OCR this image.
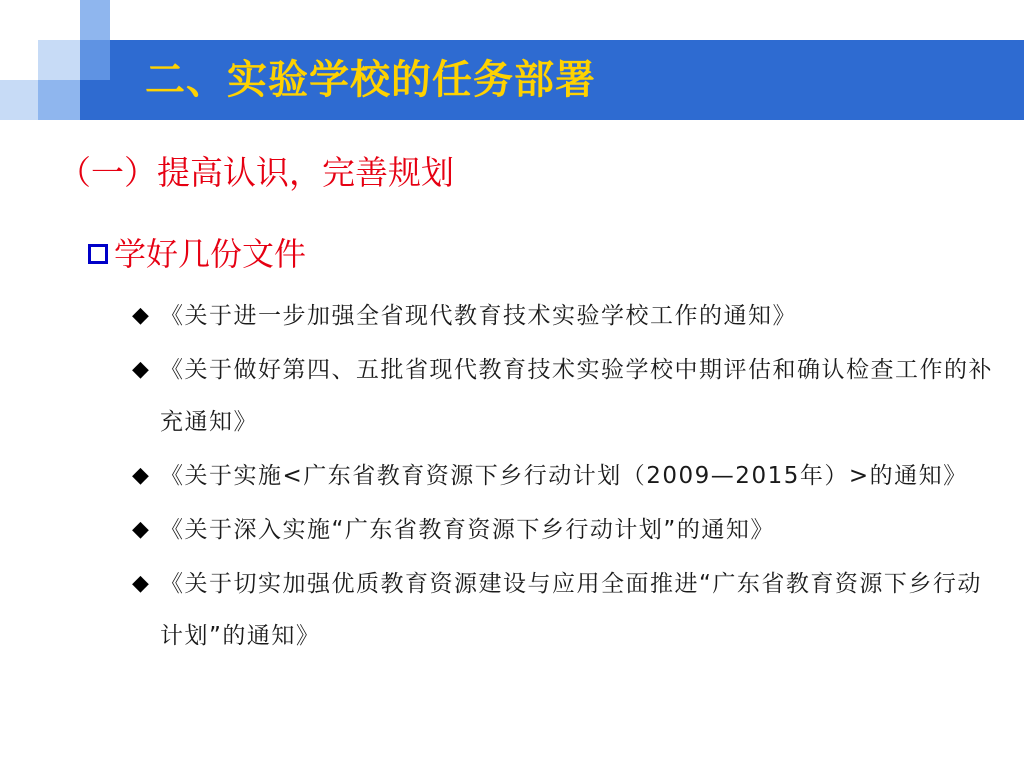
二、实验学校的任务部署
（一）提高认识，完善规划
学好几份文件
◆ 《关于进一步加强全省现代教育技术实验学校工作的通知》
◆ 《关于做好第四、五批省现代教育技术实验学校中期评估和确认检查工作的补充通知》
◆ 《关于实施<广东省教育资源下乡行动计划（2009—2015年）>的通知》
◆ 《关于深入实施“广东省教育资源下乡行动计划”的通知》
◆ 《关于切实加强优质教育资源建设与应用全面推进“广东省教育资源下乡行动计划”的通知》
